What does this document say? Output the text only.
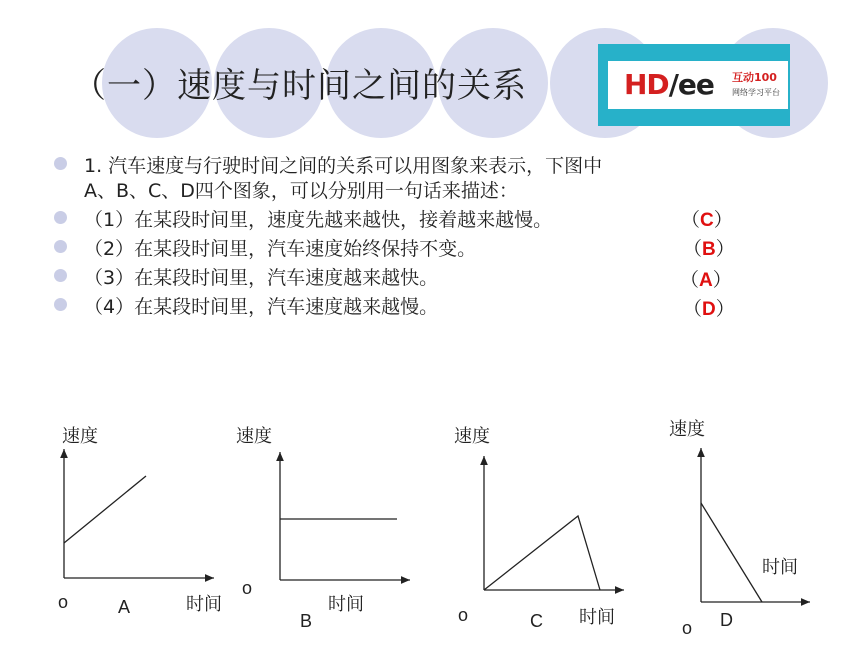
（一）速度与时间之间的关系	HD/ee 互动100
网络学习平台
1. 汽车速度与行驶时间之间的关系可以用图象来表示，下图中
A、B、C、D四个图象，可以分别用一句话来描述：
（1）在某段时间里，速度先越来越快，接着越来越慢。	（C）
（2）在某段时间里，汽车速度始终保持不变。	（B）
（3）在某段时间里，汽车速度越来越快。	（A）
（4）在某段时间里，汽车速度越来越慢。	（D）
速度
时间
o	A
速度
时间
o
B
速度
时间
o	C
速度
时间
o D
